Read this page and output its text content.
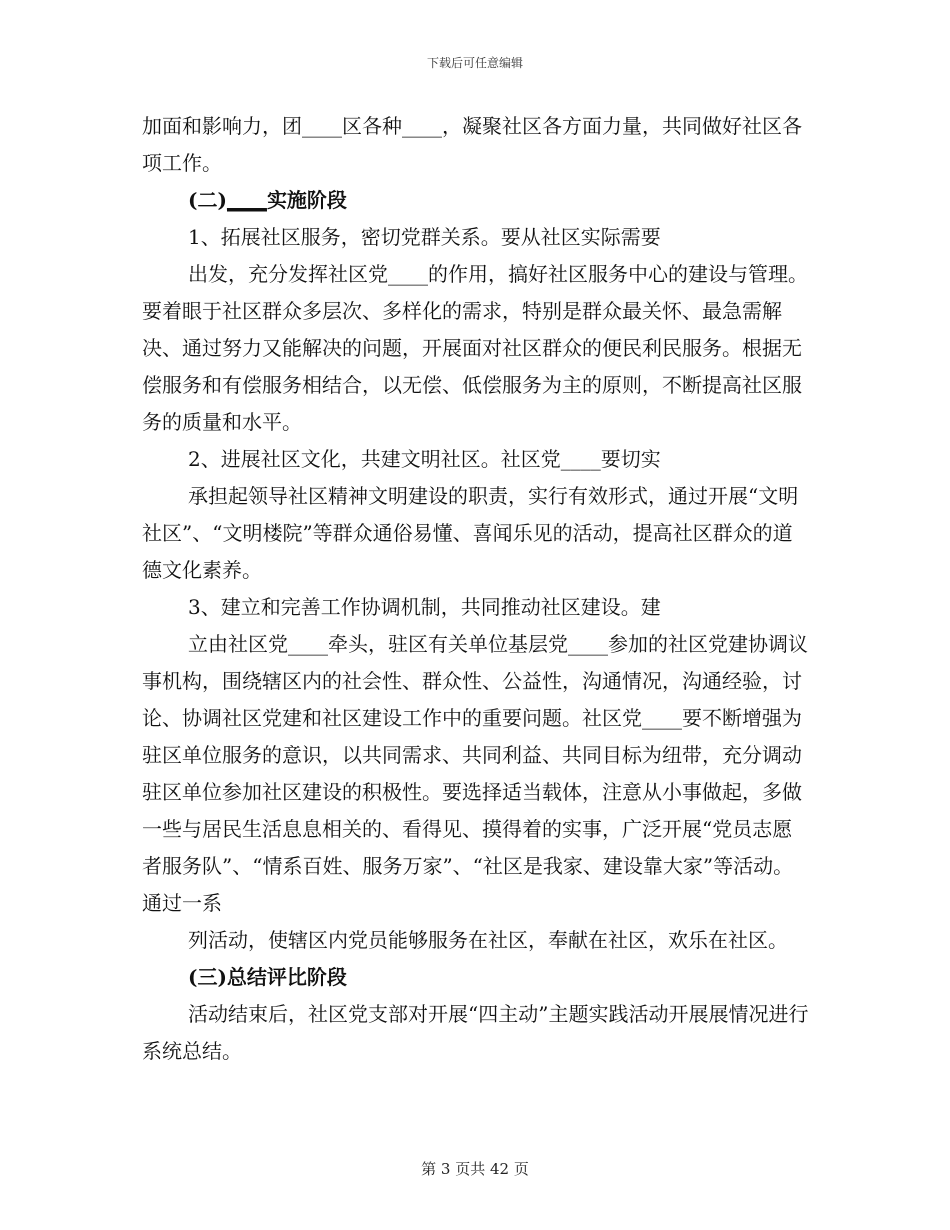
下载后可任意编辑

加面和影响力，团____区各种____，凝聚社区各方面力量，共同做好社区各项工作。

(二)____实施阶段

1、拓展社区服务，密切党群关系。要从社区实际需要

出发，充分发挥社区党____的作用，搞好社区服务中心的建设与管理。要着眼于社区群众多层次、多样化的需求，特别是群众最关怀、最急需解决、通过努力又能解决的问题，开展面对社区群众的便民利民服务。根据无偿服务和有偿服务相结合，以无偿、低偿服务为主的原则，不断提高社区服务的质量和水平。

2、进展社区文化，共建文明社区。社区党____要切实

承担起领导社区精神文明建设的职责，实行有效形式，通过开展“文明社区”、“文明楼院”等群众通俗易懂、喜闻乐见的活动，提高社区群众的道德文化素养。

3、建立和完善工作协调机制，共同推动社区建设。建

立由社区党____牵头，驻区有关单位基层党____参加的社区党建协调议事机构，围绕辖区内的社会性、群众性、公益性，沟通情况，沟通经验，讨论、协调社区党建和社区建设工作中的重要问题。社区党____要不断增强为驻区单位服务的意识，以共同需求、共同利益、共同目标为纽带，充分调动驻区单位参加社区建设的积极性。要选择适当载体，注意从小事做起，多做一些与居民生活息息相关的、看得见、摸得着的实事，广泛开展“党员志愿者服务队”、“情系百姓、服务万家”、“社区是我家、建设靠大家”等活动。通过一系

列活动，使辖区内党员能够服务在社区，奉献在社区，欢乐在社区。

(三)总结评比阶段

活动结束后，社区党支部对开展“四主动”主题实践活动开展展情况进行系统总结。

第 3 页共 42 页
